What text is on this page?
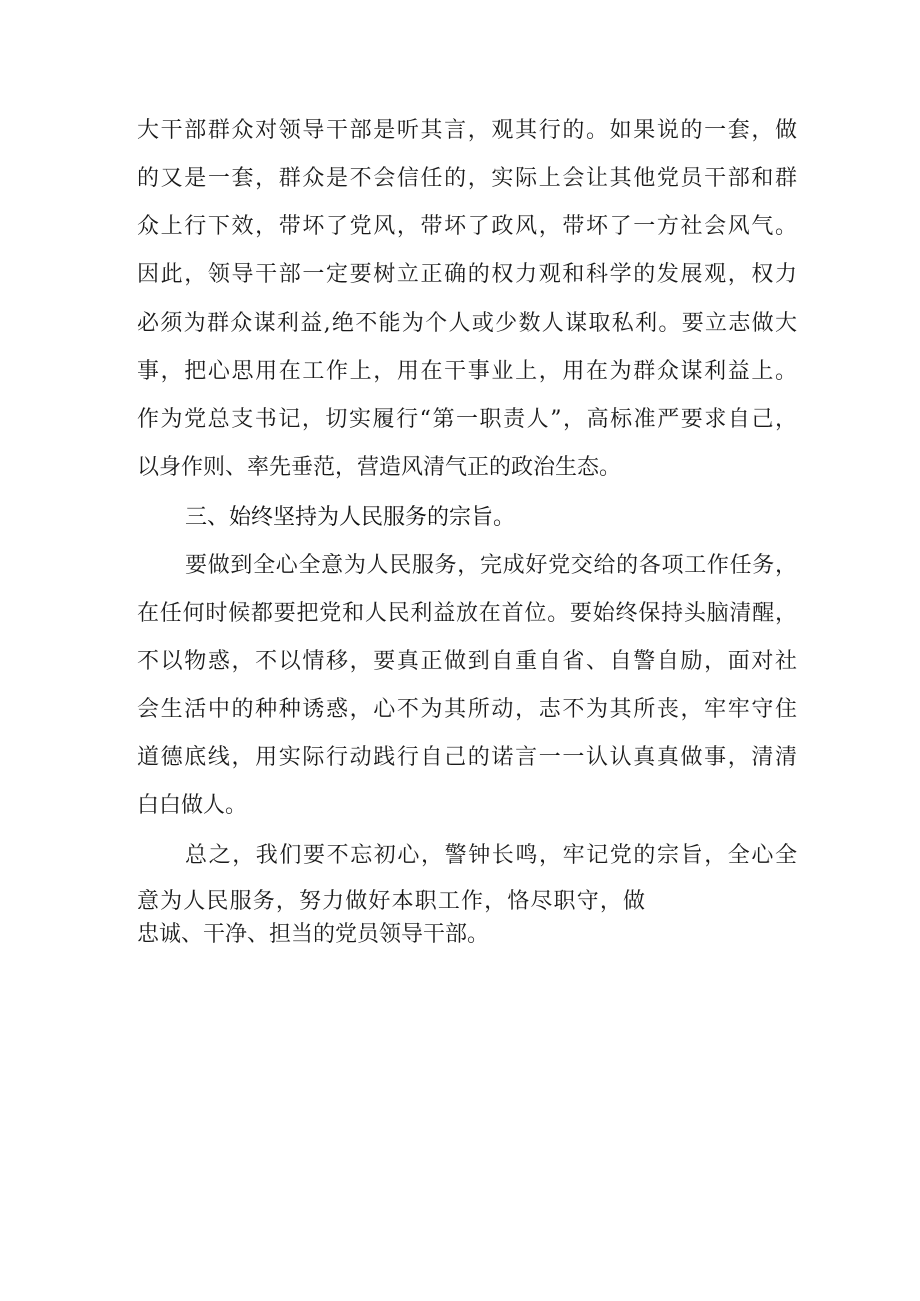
大干部群众对领导干部是听其言，观其行的。如果说的一套，做
的又是一套，群众是不会信任的，实际上会让其他党员干部和群
众上行下效，带坏了党风，带坏了政风，带坏了一方社会风气。
因此，领导干部一定要树立正确的权力观和科学的发展观，权力
必须为群众谋利益,绝不能为个人或少数人谋取私利。要立志做大
事，把心思用在工作上，用在干事业上，用在为群众谋利益上。
作为党总支书记，切实履行“第一职责人”，高标准严要求自己，
以身作则、率先垂范，营造风清气正的政治生态。
三、始终坚持为人民服务的宗旨。
要做到全心全意为人民服务，完成好党交给的各项工作任务，
在任何时候都要把党和人民利益放在首位。要始终保持头脑清醒，
不以物惑，不以情移，要真正做到自重自省、自警自励，面对社
会生活中的种种诱惑，心不为其所动，志不为其所丧，牢牢守住
道德底线，用实际行动践行自己的诺言一一认认真真做事，清清
白白做人。
总之，我们要不忘初心，警钟长鸣，牢记党的宗旨，全心全
意为人民服务，努力做好本职工作，恪尽职守，做
忠诚、干净、担当的党员领导干部。
